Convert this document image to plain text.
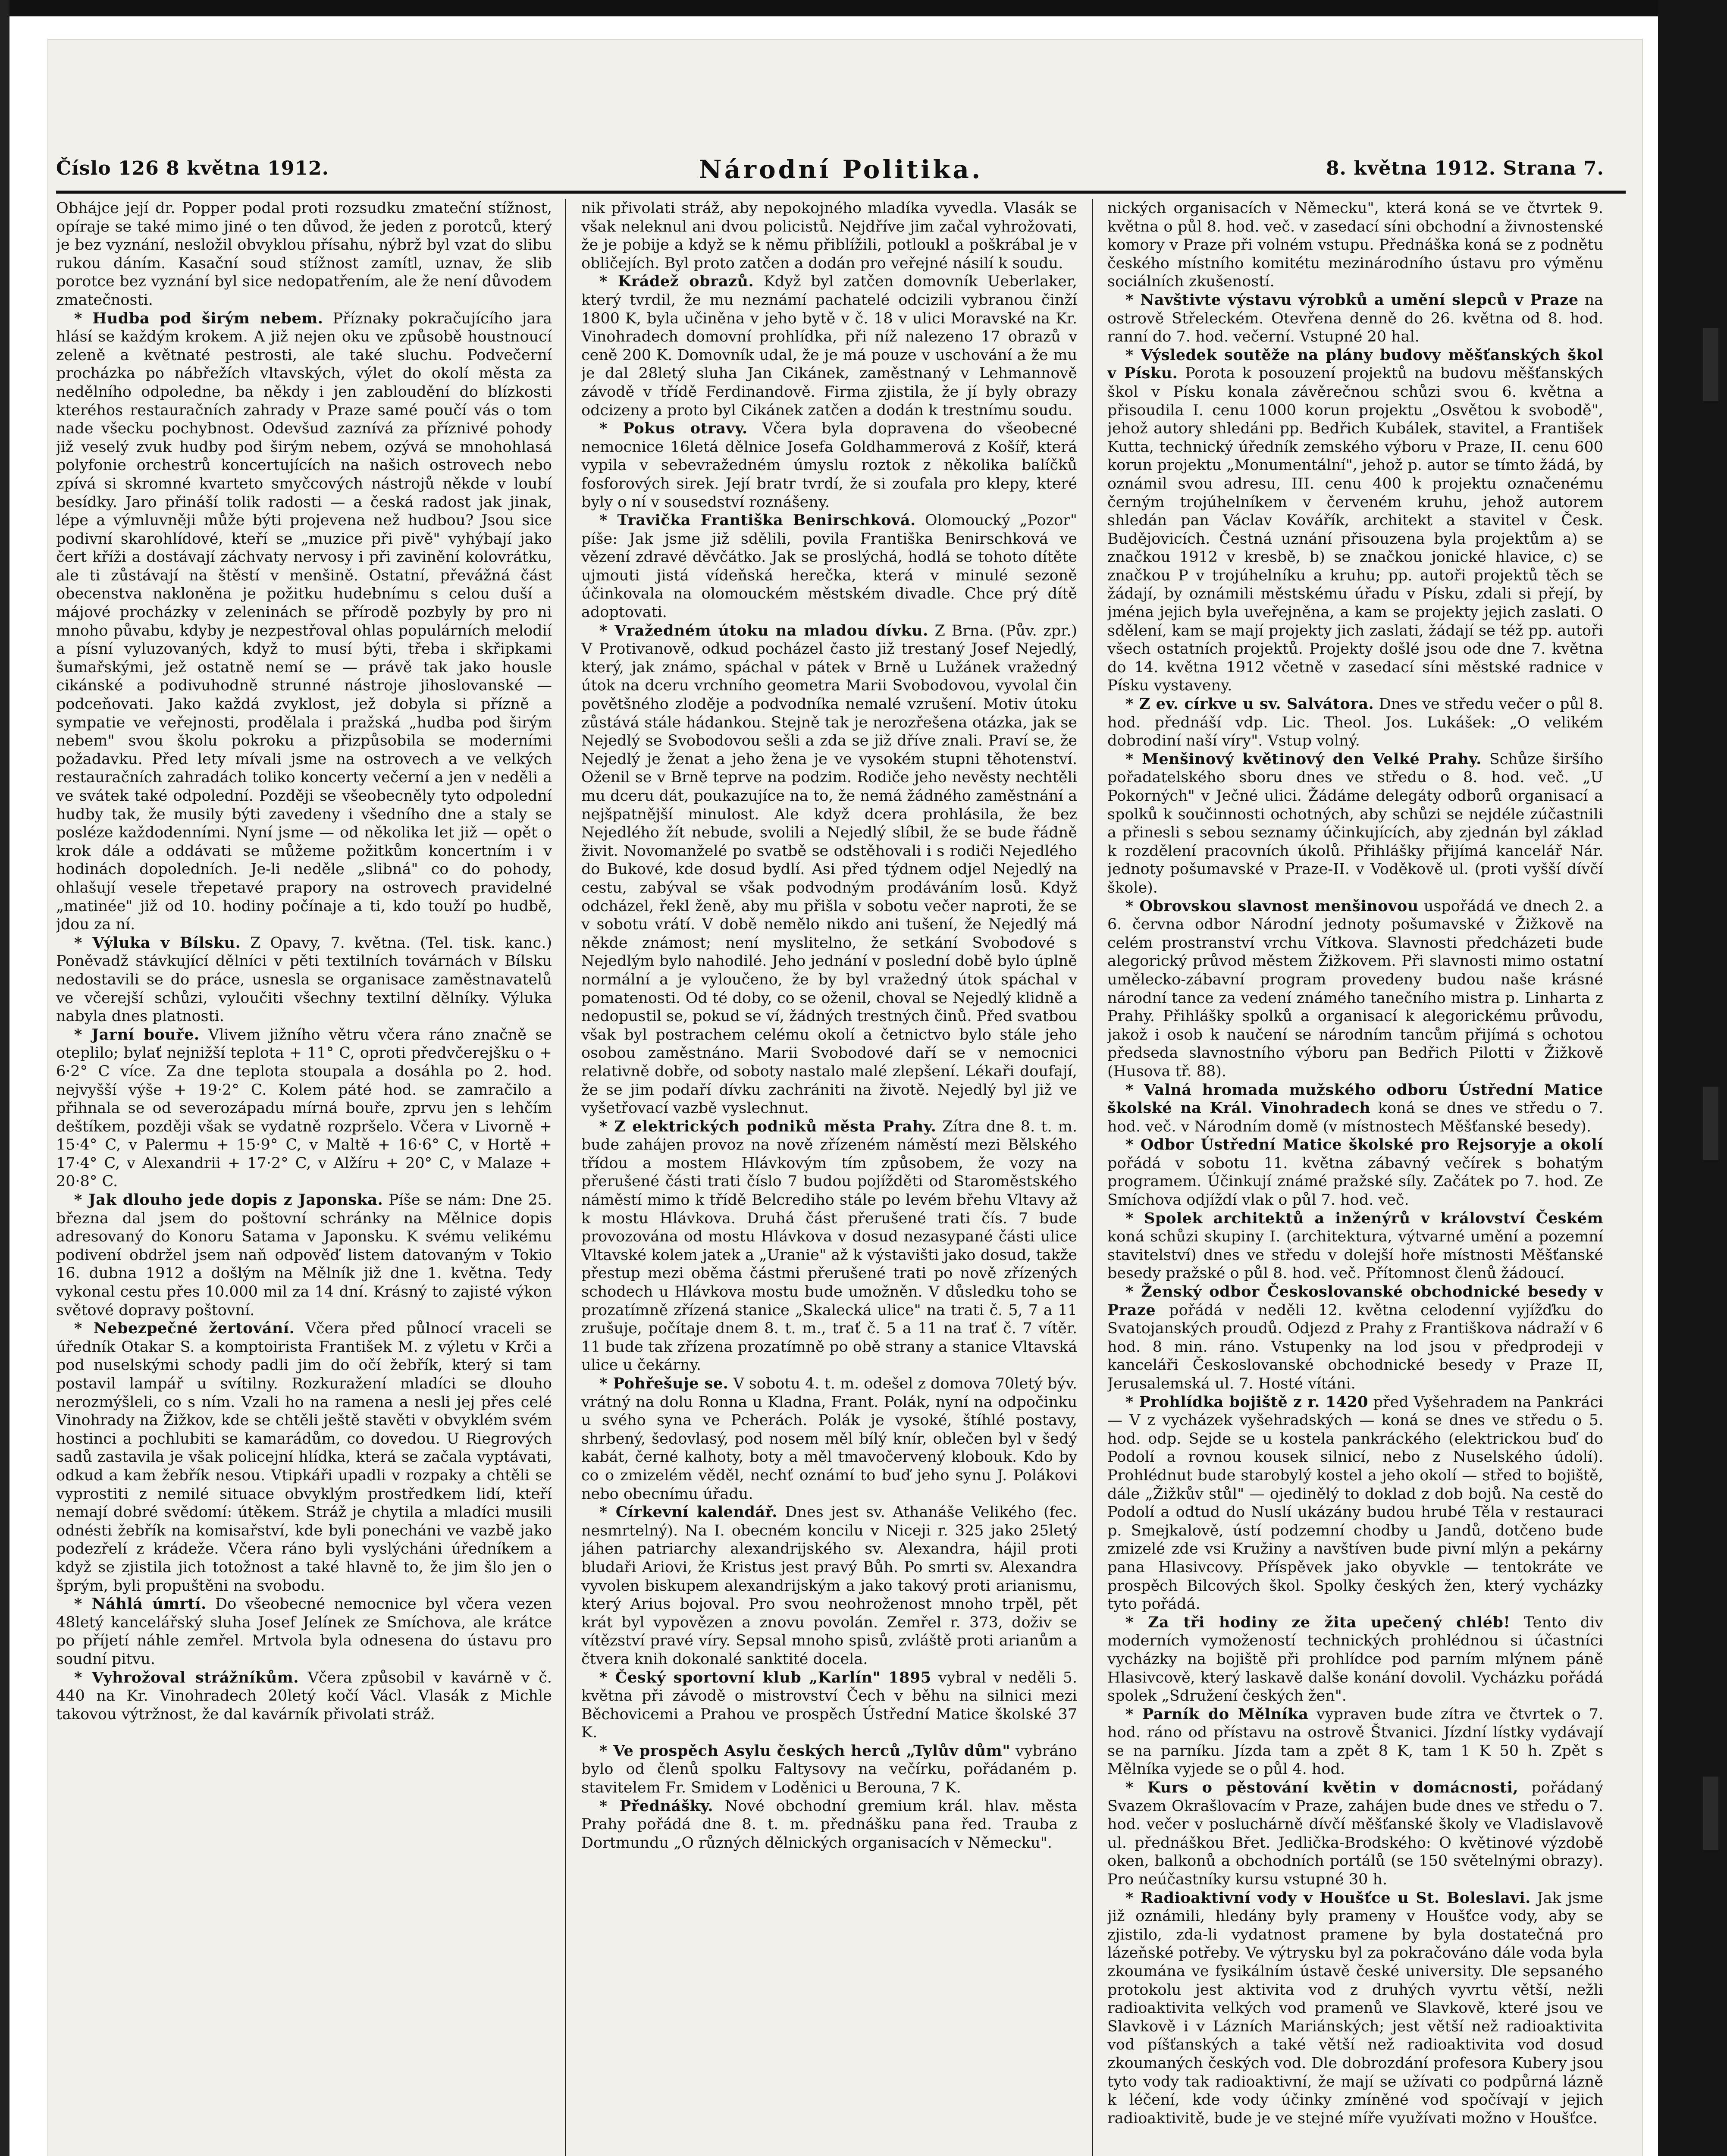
Číslo 126 8 května 1912.	Národní Politika.	8. května 1912. Strana 7.

Obhájce její dr. Popper podal proti rozsudku zmateční stížnost, opíraje se také mimo jiné o ten důvod, že jeden z porotců, který je bez vyznání, nesložil obvyklou přísahu, nýbrž byl vzat do slibu rukou dáním. Kasační soud stížnost zamítl, uznav, že slib porotce bez vyznání byl sice nedopatřením, ale že není důvodem zmatečnosti.

* Hudba pod širým nebem. Příznaky pokračujícího jara hlásí se každým krokem. A již nejen oku ve způsobě houstnoucí zeleně a květnaté pestrosti, ale také sluchu. Podvečerní procházka po nábřežích vltavských, výlet do okolí města za nedělního odpoledne, ba někdy i jen zabloudění do blízkosti kteréhos restauračních zahrady v Praze samé poučí vás o tom nade všecku pochybnost. Odevšud zaznívá za příznivé pohody již veselý zvuk hudby pod širým nebem, ozývá se mnohohlasá polyfonie orchestrů koncertujících na našich ostrovech nebo zpívá si skromné kvarteto smyčcových nástrojů někde v loubí besídky. Jaro přináší tolik radosti — a česká radost jak jinak, lépe a výmluvněji může býti projevena než hudbou? Jsou sice podivní skarohlídové, kteří se „muzice při pivě" vyhýbají jako čert kříži a dostávají záchvaty nervosy i při zavinění kolovrátku, ale ti zůstávají na štěstí v menšině. Ostatní, převážná část obecenstva nakloněna je požitku hudebnímu s celou duší a májové procházky v zeleninách se přírodě pozbyly by pro ni mnoho půvabu, kdyby je nezpestřoval ohlas populárních melodií a písní vyluzovaných, když to musí býti, třeba i skřipkami šumařskými, jež ostatně nemí se — právě tak jako housle cikánské a podivuhodně strunné nástroje jihoslovanské — podceňovati. Jako každá zvyklost, jež dobyla si přízně a sympatie ve veřejnosti, prodělala i pražská „hudba pod širým nebem" svou školu pokroku a přizpůsobila se moderními požadavku. Před lety mívali jsme na ostrovech a ve velkých restauračních zahradách toliko koncerty večerní a jen v neděli a ve svátek také odpolední. Později se všeobecněly tyto odpolední hudby tak, že musily býti zavedeny i všedního dne a staly se posléze každodenními. Nyní jsme — od několika let již — opět o krok dále a oddávati se můžeme požitkům koncertním i v hodinách dopoledních. Je-li neděle „slibná" co do pohody, ohlašují vesele třepetavé prapory na ostrovech pravidelné „matinée" již od 10. hodiny počínaje a ti, kdo touží po hudbě, jdou za ní.

* Výluka v Bílsku. Z Opavy, 7. května. (Tel. tisk. kanc.) Poněvadž stávkující dělníci v pěti textilních továrnách v Bílsku nedostavili se do práce, usnesla se organisace zaměstnavatelů ve včerejší schůzi, vyloučiti všechny textilní dělníky. Výluka nabyla dnes platnosti.

* Jarní bouře. Vlivem jižního větru včera ráno značně se oteplilo; bylať nejnižší teplota + 11° C, oproti předvčerejšku o + 6·2° C více. Za dne teplota stoupala a dosáhla po 2. hod. nejvyšší výše + 19·2° C. Kolem páté hod. se zamračilo a přihnala se od severozápadu mírná bouře, zprvu jen s lehčím deštíkem, později však se vydatně rozpršelo. Včera v Livorně + 15·4° C, v Palermu + 15·9° C, v Maltě + 16·6° C, v Hortě + 17·4° C, v Alexandrii + 17·2° C, v Alžíru + 20° C, v Malaze + 20·8° C.

* Jak dlouho jede dopis z Japonska. Píše se nám: Dne 25. března dal jsem do poštovní schránky na Mělnice dopis adresovaný do Konoru Satama v Japonsku. K svému velikému podivení obdržel jsem naň odpověď listem datovaným v Tokio 16. dubna 1912 a došlým na Mělník již dne 1. května. Tedy vykonal cestu přes 10.000 mil za 14 dní. Krásný to zajisté výkon světové dopravy poštovní.

* Nebezpečné žertování. Včera před půlnocí vraceli se úředník Otakar S. a komptoirista František M. z výletu v Krči a pod nuselskými schody padli jim do očí žebřík, který si tam postavil lampář u svítilny. Rozkuražení mladíci se dlouho nerozmýšleli, co s ním. Vzali ho na ramena a nesli jej přes celé Vinohrady na Žižkov, kde se chtěli ještě stavěti v obvyklém svém hostinci a pochlubiti se kamarádům, co dovedou. U Riegrových sadů zastavila je však policejní hlídka, která se začala vyptávati, odkud a kam žebřík nesou. Vtipkáři upadli v rozpaky a chtěli se vyprostiti z nemilé situace obvyklým prostředkem lidí, kteří nemají dobré svědomí: útěkem. Stráž je chytila a mladíci musili odnésti žebřík na komisařství, kde byli ponecháni ve vazbě jako podezřelí z krádeže. Včera ráno byli vyslýcháni úředníkem a když se zjistila jich totožnost a také hlavně to, že jim šlo jen o šprým, byli propuštěni na svobodu.

* Náhlá úmrtí. Do všeobecné nemocnice byl včera vezen 48letý kancelářský sluha Josef Jelínek ze Smíchova, ale krátce po příjetí náhle zemřel. Mrtvola byla odnesena do ústavu pro soudní pitvu.

* Vyhrožoval strážníkům. Včera způsobil v kavárně v č. 440 na Kr. Vinohradech 20letý kočí Václ. Vlasák z Michle takovou výtržnost, že dal kavárník přivolati stráž.

nik přivolati stráž, aby nepokojného mladíka vyvedla. Vlasák se však neleknul ani dvou policistů. Nejdříve jim začal vyhrožovati, že je pobije a když se k němu přiblížili, potloukl a poškrábal je v obličejích. Byl proto zatčen a dodán pro veřejné násilí k soudu.

* Krádež obrazů. Když byl zatčen domovník Ueberlaker, který tvrdil, že mu neznámí pachatelé odcizili vybranou činží 1800 K, byla učiněna v jeho bytě v č. 18 v ulici Moravské na Kr. Vinohradech domovní prohlídka, při níž nalezeno 17 obrazů v ceně 200 K. Domovník udal, že je má pouze v uschování a že mu je dal 28letý sluha Jan Cikánek, zaměstnaný v Lehmannově závodě v třídě Ferdinandově. Firma zjistila, že jí byly obrazy odcizeny a proto byl Cikánek zatčen a dodán k trestnímu soudu.

* Pokus otravy. Včera byla dopravena do všeobecné nemocnice 16letá dělnice Josefa Goldhammerová z Košíř, která vypila v sebevražedném úmyslu roztok z několika balíčků fosforových sirek. Její bratr tvrdí, že si zoufala pro klepy, které byly o ní v sousedství roznášeny.

* Travička Františka Benirschková. Olomoucký „Pozor" píše: Jak jsme již sdělili, povila Františka Benirschková ve vězení zdravé děvčátko. Jak se proslýchá, hodlá se tohoto dítěte ujmouti jistá vídeňská herečka, která v minulé sezoně účinkovala na olomouckém městském divadle. Chce prý dítě adoptovati.

* Vražedném útoku na mladou dívku. Z Brna. (Pův. zpr.) V Protivanově, odkud pocházel často již trestaný Josef Nejedlý, který, jak známo, spáchal v pátek v Brně u Lužánek vražedný útok na dceru vrchního geometra Marii Svobodovou, vyvolal čin povětšného zloděje a podvodníka nemalé vzrušení. Motiv útoku zůstává stále hádankou. Stejně tak je nerozřešena otázka, jak se Nejedlý se Svobodovou sešli a zda se již dříve znali. Praví se, že Nejedlý je ženat a jeho žena je ve vysokém stupni těhotenství. Oženil se v Brně teprve na podzim. Rodiče jeho nevěsty nechtěli mu dceru dát, poukazujíce na to, že nemá žádného zaměstnání a nejšpatnější minulost. Ale když dcera prohlásila, že bez Nejedlého žít nebude, svolili a Nejedlý slíbil, že se bude řádně živit. Novomanželé po svatbě se odstěhovali i s rodiči Nejedlého do Bukové, kde dosud bydlí. Asi před týdnem odjel Nejedlý na cestu, zabýval se však podvodným prodáváním losů. Když odcházel, řekl ženě, aby mu přišla v sobotu večer naproti, že se v sobotu vrátí. V době nemělo nikdo ani tušení, že Nejedlý má někde známost; není myslitelno, že setkání Svobodové s Nejedlým bylo nahodilé. Jeho jednání v poslední době bylo úplně normální a je vyloučeno, že by byl vražedný útok spáchal v pomatenosti. Od té doby, co se oženil, choval se Nejedlý klidně a nedopustil se, pokud se ví, žádných trestných činů. Před svatbou však byl postrachem celému okolí a četnictvo bylo stále jeho osobou zaměstnáno. Marii Svobodové daří se v nemocnici relativně dobře, od soboty nastalo malé zlepšení. Lékaři doufají, že se jim podaří dívku zachrániti na životě. Nejedlý byl již ve vyšetřovací vazbě vyslechnut.

* Z elektrických podniků města Prahy. Zítra dne 8. t. m. bude zahájen provoz na nově zřízeném náměstí mezi Bělského třídou a mostem Hlávkovým tím způsobem, že vozy na přerušené části trati číslo 7 budou pojížděti od Staroměstského náměstí mimo k třídě Belcrediho stále po levém břehu Vltavy až k mostu Hlávkova. Druhá část přerušené trati čís. 7 bude provozována od mostu Hlávkova v dosud nezasypané části ulice Vltavské kolem jatek a „Uranie" až k výstavišti jako dosud, takže přestup mezi oběma částmi přerušené trati po nově zřízených schodech u Hlávkova mostu bude umožněn. V důsledku toho se prozatímně zřízená stanice „Skalecká ulice" na trati č. 5, 7 a 11 zrušuje, počítaje dnem 8. t. m., trať č. 5 a 11 na trať č. 7 vítěr. 11 bude tak zřízena prozatímně po obě strany a stanice Vltavská ulice u čekárny.

* Pohřešuje se. V sobotu 4. t. m. odešel z domova 70letý býv. vrátný na dolu Ronna u Kladna, Frant. Polák, nyní na odpočinku u svého syna ve Pcherách. Polák je vysoké, štíhlé postavy, shrbený, šedovlasý, pod nosem měl bílý knír, oblečen byl v šedý kabát, černé kalhoty, boty a měl tmavočervený klobouk. Kdo by co o zmizelém věděl, nechť oznámí to buď jeho synu J. Polákovi nebo obecnímu úřadu.

* Církevní kalendář. Dnes jest sv. Athanáše Velikého (fec. nesmrtelný). Na I. obecném koncilu v Niceji r. 325 jako 25letý jáhen patriarchy alexandrijského sv. Alexandra, hájil proti bludaři Ariovi, že Kristus jest pravý Bůh. Po smrti sv. Alexandra vyvolen biskupem alexandrijským a jako takový proti arianismu, který Arius bojoval. Pro svou neohroženost mnoho trpěl, pět krát byl vypovězen a znovu povolán. Zemřel r. 373, doživ se vítězství pravé víry. Sepsal mnoho spisů, zvláště proti arianům a čtvera knih dokonalé sanktité docela.

* Český sportovní klub „Karlín" 1895 vybral v neděli 5. května při závodě o mistrovství Čech v běhu na silnici mezi Běchovicemi a Prahou ve prospěch Ústřední Matice školské 37 K.

* Ve prospěch Asylu českých herců „Tylův dům" vybráno bylo od členů spolku Faltysovy na večírku, pořádaném p. stavitelem Fr. Smidem v Loděnici u Berouna, 7 K.

* Přednášky. Nové obchodní gremium král. hlav. města Prahy pořádá dne 8. t. m. přednášku pana řed. Trauba z Dortmundu „O různých dělnických organisacích v Německu".

nických organisacích v Německu", která koná se ve čtvrtek 9. května o půl 8. hod. več. v zasedací síni obchodní a živnostenské komory v Praze při volném vstupu. Přednáška koná se z podnětu českého místního komitétu mezinárodního ústavu pro výměnu sociálních zkušeností.

* Navštivte výstavu výrobků a umění slepců v Praze na ostrově Střeleckém. Otevřena denně do 26. května od 8. hod. ranní do 7. hod. večerní. Vstupné 20 hal.

* Výsledek soutěže na plány budovy měšťanských škol v Písku. Porota k posouzení projektů na budovu měšťanských škol v Písku konala závěrečnou schůzi svou 6. května a přisoudila I. cenu 1000 korun projektu „Osvětou k svobodě", jehož autory shledáni pp. Bedřich Kubálek, stavitel, a František Kutta, technický úředník zemského výboru v Praze, II. cenu 600 korun projektu „Monumentální", jehož p. autor se tímto žádá, by oznámil svou adresu, III. cenu 400 k projektu označenému černým trojúhelníkem v červeném kruhu, jehož autorem shledán pan Václav Kovářík, architekt a stavitel v Česk. Budějovicích. Čestná uznání přisouzena byla projektům a) se značkou 1912 v kresbě, b) se značkou jonické hlavice, c) se značkou P v trojúhelníku a kruhu; pp. autoři projektů těch se žádají, by oznámili městskému úřadu v Písku, zdali si přejí, by jména jejich byla uveřejněna, a kam se projekty jejich zaslati. O sdělení, kam se mají projekty jich zaslati, žádají se též pp. autoři všech ostatních projektů. Projekty došlé jsou ode dne 7. května do 14. května 1912 včetně v zasedací síni městské radnice v Písku vystaveny.

* Z ev. církve u sv. Salvátora. Dnes ve středu večer o půl 8. hod. přednáší vdp. Lic. Theol. Jos. Lukášek: „O velikém dobrodiní naší víry". Vstup volný.

* Menšinový květinový den Velké Prahy. Schůze širšího pořadatelského sboru dnes ve středu o 8. hod. več. „U Pokorných" v Ječné ulici. Žádáme delegáty odborů organisací a spolků k součinnosti ochotných, aby schůzi se nejdéle zúčastnili a přinesli s sebou seznamy účinkujících, aby zjednán byl základ k rozdělení pracovních úkolů. Přihlášky přijímá kancelář Nár. jednoty pošumavské v Praze-II. v Voděkově ul. (proti vyšší dívčí škole).

* Obrovskou slavnost menšinovou uspořádá ve dnech 2. a 6. června odbor Národní jednoty pošumavské v Žižkově na celém prostranství vrchu Vítkova. Slavnosti předcházeti bude alegorický průvod městem Žižkovem. Při slavnosti mimo ostatní umělecko-zábavní program provedeny budou naše krásné národní tance za vedení známého tanečního mistra p. Linharta z Prahy. Přihlášky spolků a organisací k alegorickému průvodu, jakož i osob k naučení se národním tancům přijímá s ochotou předseda slavnostního výboru pan Bedřich Pilotti v Žižkově (Husova tř. 88).

* Valná hromada mužského odboru Ústřední Matice školské na Král. Vinohradech koná se dnes ve středu o 7. hod. več. v Národním domě (v místnostech Měšťanské besedy).

* Odbor Ústřední Matice školské pro Rejsoryje a okolí pořádá v sobotu 11. května zábavný večírek s bohatým programem. Účinkují známé pražské síly. Začátek po 7. hod. Ze Smíchova odjíždí vlak o půl 7. hod. več.

* Spolek architektů a inženýrů v království Českém koná schůzi skupiny I. (architektura, výtvarné umění a pozemní stavitelství) dnes ve středu v dolejší hoře místnosti Měšťanské besedy pražské o půl 8. hod. več. Přítomnost členů žádoucí.

* Ženský odbor Českoslovanské obchodnické besedy v Praze pořádá v neděli 12. května celodenní vyjížďku do Svatojanských proudů. Odjezd z Prahy z Františkova nádraží v 6 hod. 8 min. ráno. Vstupenky na lod jsou v předprodeji v kanceláři Českoslovanské obchodnické besedy v Praze II, Jerusalemská ul. 7. Hosté vítáni.

* Prohlídka bojiště z r. 1420 před Vyšehradem na Pankráci — V z vycházek vyšehradských — koná se dnes ve středu o 5. hod. odp. Sejde se u kostela pankráckého (elektrickou buď do Podolí a rovnou kousek silnicí, nebo z Nuselského údolí). Prohlédnut bude starobylý kostel a jeho okolí — střed to bojiště, dále „Žižkův stůl" — ojedinělý to doklad z dob bojů. Na cestě do Podolí a odtud do Nuslí ukázány budou hrubé Těla v restauraci p. Smejkalově, ústí podzemní chodby u Jandů, dotčeno bude zmizelé zde vsi Kružiny a navštíven bude pivní mlýn a pekárny pana Hlasivcovy. Příspěvek jako obyvkle — tentokráte ve prospěch Bilcových škol. Spolky českých žen, který vycházky tyto pořádá.

* Za tři hodiny ze žita upečený chléb! Tento div moderních vymožeností technických prohlédnou si účastníci vycházky na bojiště při prohlídce pod parním mlýnem páně Hlasivcově, který laskavě dalše konání dovolil. Vycházku pořádá spolek „Sdružení českých žen".

* Parník do Mělníka vypraven bude zítra ve čtvrtek o 7. hod. ráno od přístavu na ostrově Štvanici. Jízdní lístky vydávají se na parníku. Jízda tam a zpět 8 K, tam 1 K 50 h. Zpět s Mělníka vyjede se o půl 4. hod.

* Kurs o pěstování květin v domácnosti, pořádaný Svazem Okrašlovacím v Praze, zahájen bude dnes ve středu o 7. hod. večer v posluchárně dívčí měšťanské školy ve Vladislavově ul. přednáškou Břet. Jedlička-Brodského: O květinové výzdobě oken, balkonů a obchodních portálů (se 150 světelnými obrazy). Pro neúčastníky kursu vstupné 30 h.

* Radioaktivní vody v Houšťce u St. Boleslavi. Jak jsme již oznámili, hledány byly prameny v Houšťce vody, aby se zjistilo, zda-li vydatnost pramene by byla dostatečná pro lázeňské potřeby. Ve výtrysku byl za pokračováno dále voda byla zkoumána ve fysikálním ústavě české university. Dle sepsaného protokolu jest aktivita vod z druhých vyvrtu větší, nežli radioaktivita velkých vod pramenů ve Slavkově, které jsou ve Slavkově i v Lázních Mariánských; jest větší než radioaktivita vod píšťanských a také větší než radioaktivita vod dosud zkoumaných českých vod. Dle dobrozdání profesora Kubery jsou tyto vody tak radioaktivní, že mají se užívati co podpůrná lázně k léčení, kde vody účinky zmíněné vod spočívají v jejich radioaktivitě, bude je ve stejné míře využívati možno v Houšťce.
